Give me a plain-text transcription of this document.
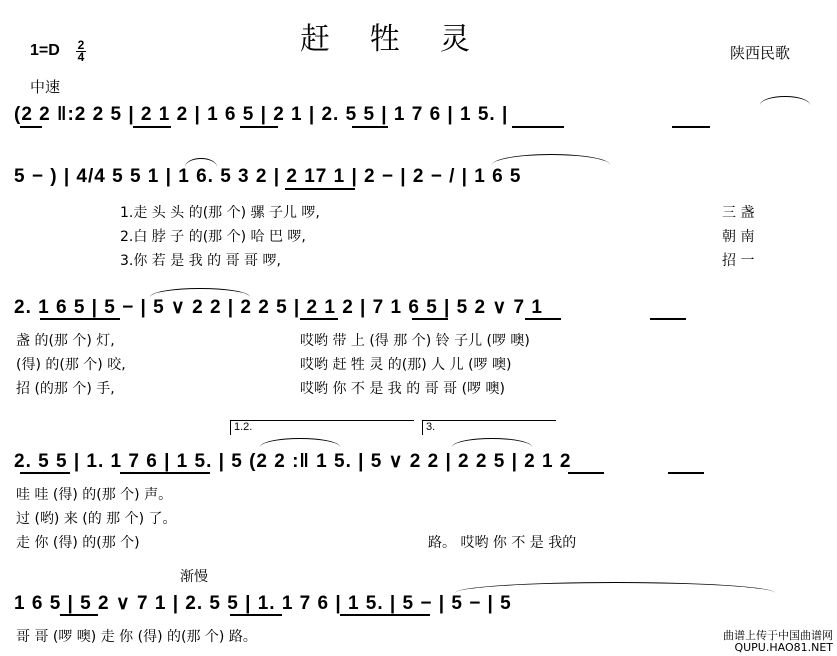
赶牲灵
1=D 2
4	陕西民歌
中速
(2 2 ‖:2 2 5 | 2 1 2 | 1 6 5 | 2 1 | 2. 5 5 | 1 7 6 | 1 5. |
5 − ) | 4/4 5 5 1 | 1 6. 5 3 2 | 2 17 1 | 2 − | 2 − / | 1 6 5
1.走 头 头 的(那 个) 骡 子儿 啰,	三 盏
2.白 脖 子 的(那 个) 哈 巴 啰,	朝 南
3.你 若 是 我 的 哥 哥 啰,	招 一
2. 1 6 5 | 5 − | 5 ∨ 2 2 | 2 2 5 | 2 1 2 | 7 1 6 5 | 5 2 ∨ 7 1
盏 的(那 个) 灯,	哎哟 带 上 (得 那 个) 铃 子儿 (啰 噢)
(得) 的(那 个) 咬,	哎哟 赶 牲 灵 的(那) 人 儿 (啰 噢)
招 (的那 个) 手,	哎哟 你 不 是 我 的 哥 哥 (啰 噢)
1.2.	3.
2. 5 5 | 1. 1 7 6 | 1 5. | 5 (2 2 :‖ 1 5. | 5 ∨ 2 2 | 2 2 5 | 2 1 2
哇 哇 (得) 的(那 个) 声。
过 (哟) 来 (的 那 个) 了。
走 你 (得) 的(那 个)	路。 哎哟 你 不 是 我的
渐慢
1 6 5 | 5 2 ∨ 7 1 | 2. 5 5 | 1. 1 7 6 | 1 5. | 5 − | 5 − | 5
哥 哥 (啰 噢) 走 你 (得) 的(那 个) 路。	曲谱上传于中国曲谱网
QUPU.HAO81.NET
